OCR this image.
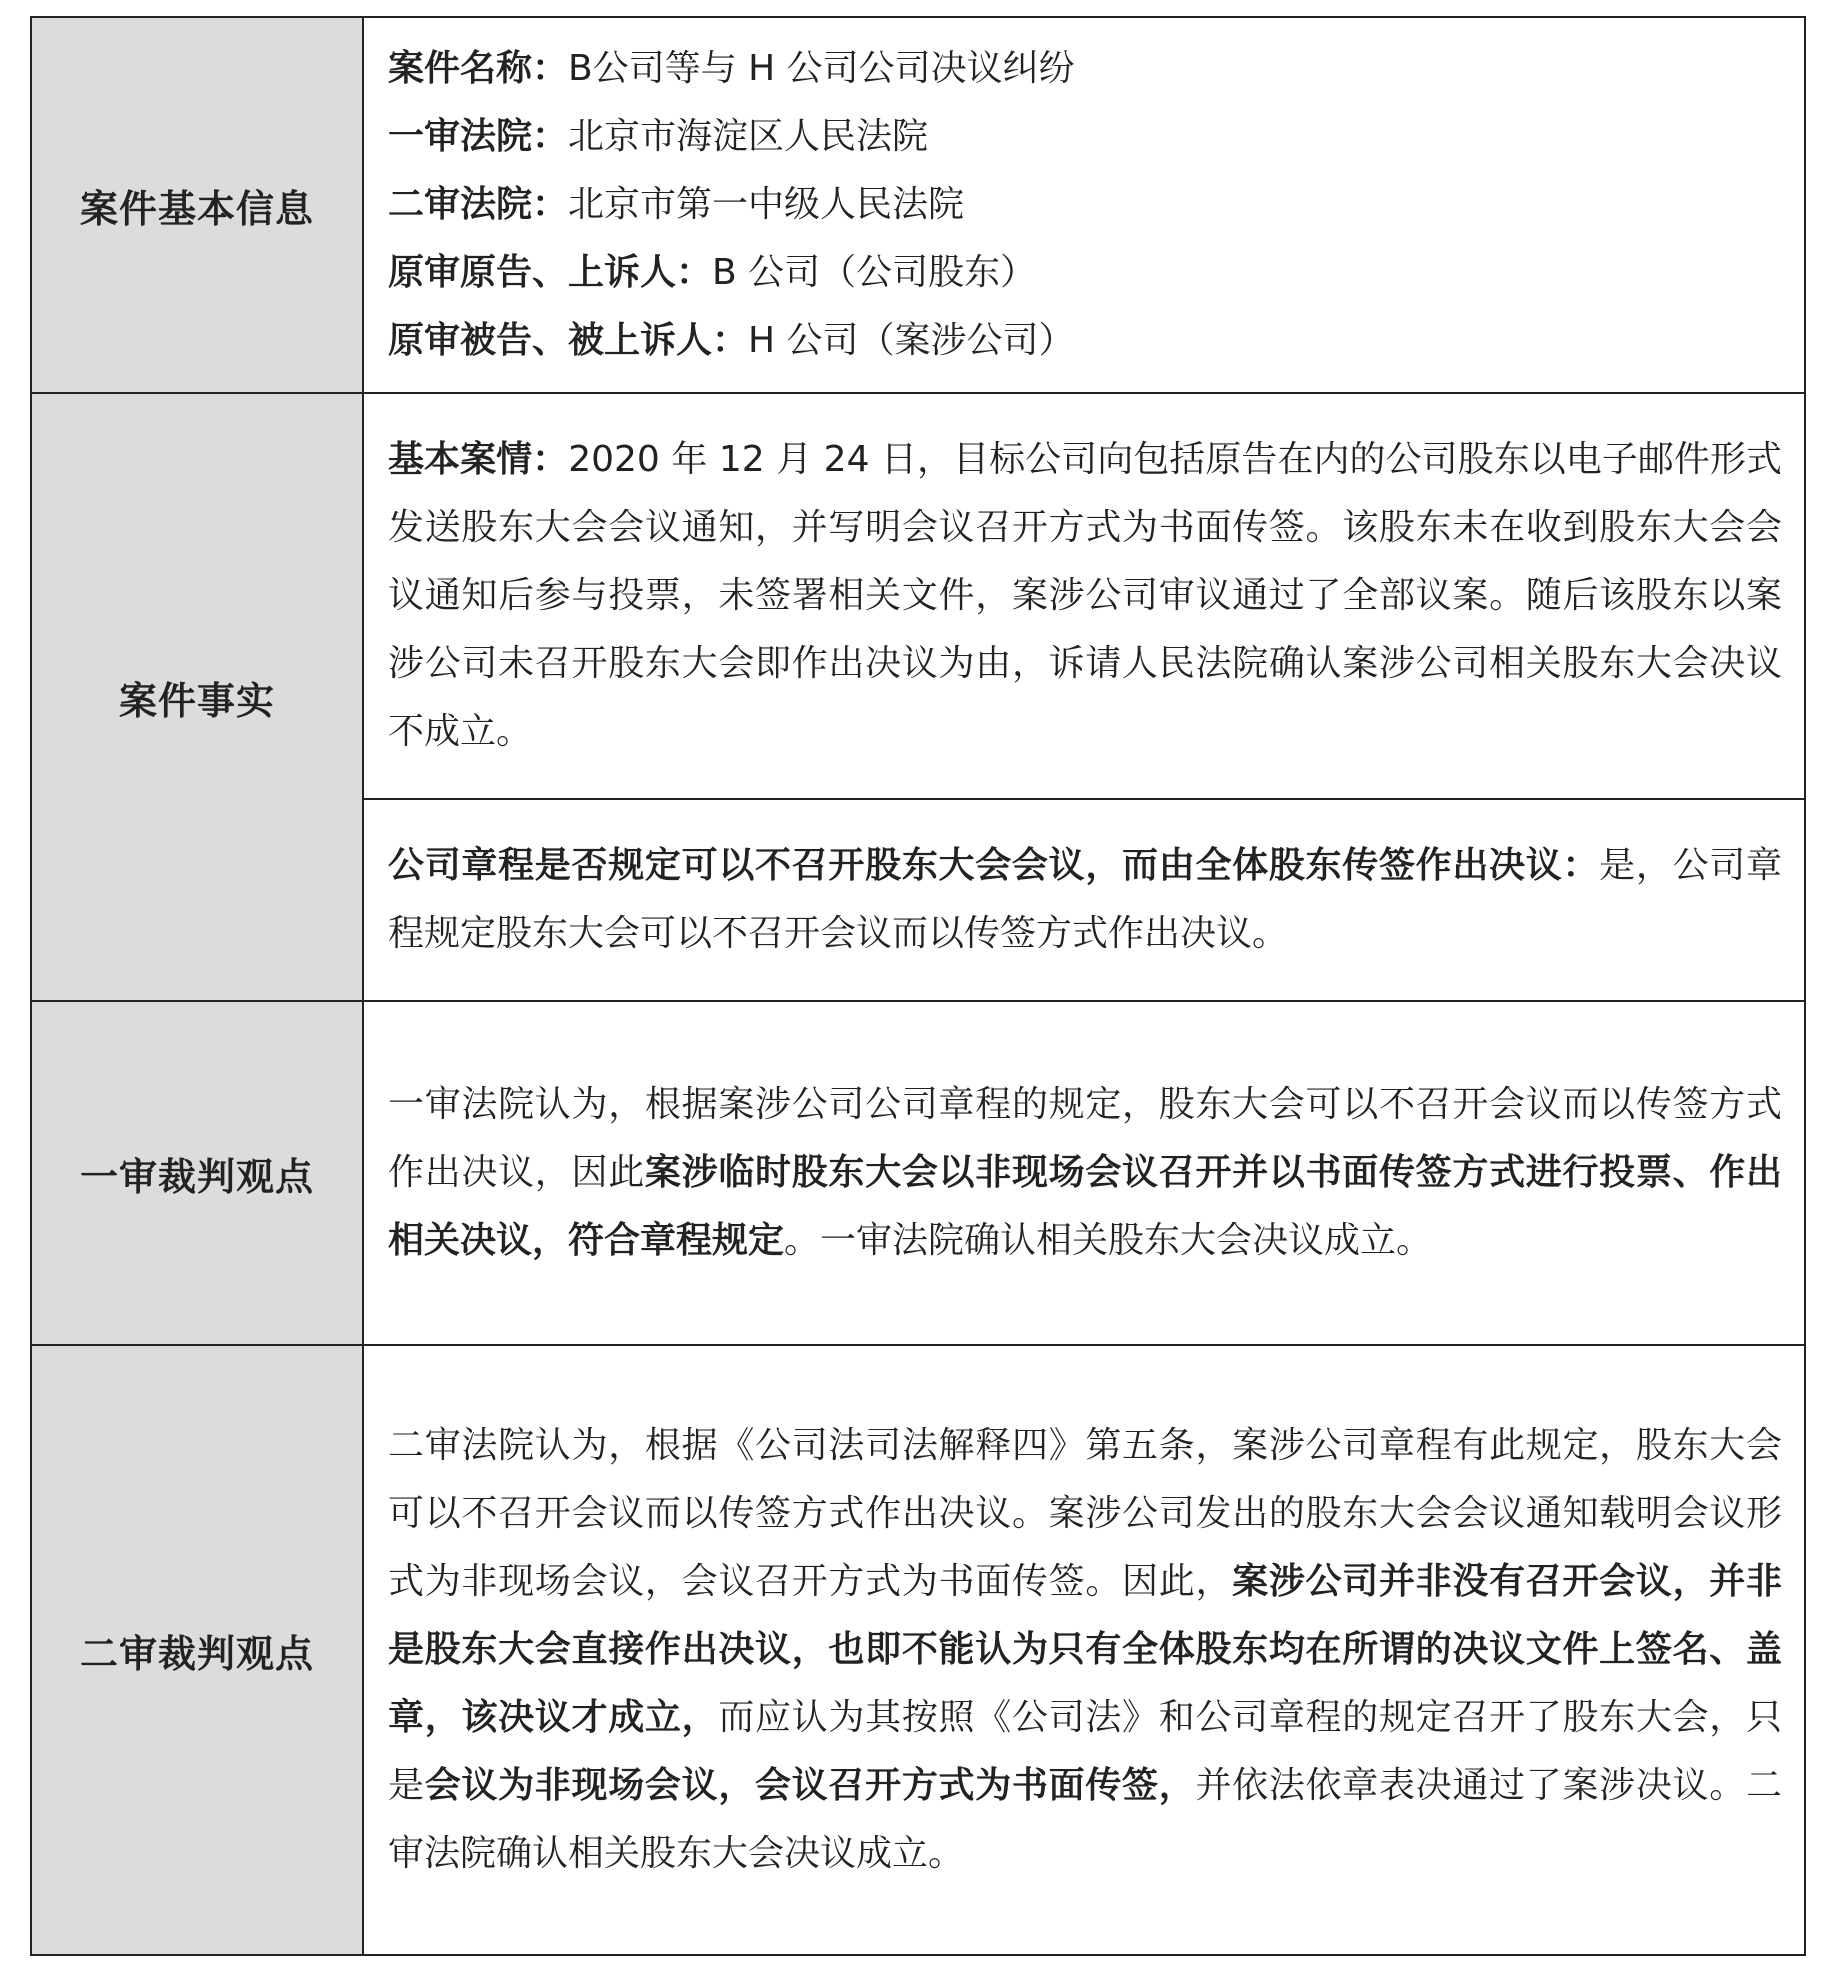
案件基本信息	案件名称：B公司等与 H 公司公司决议纠纷
一审法院：北京市海淀区人民法院
二审法院：北京市第一中级人民法院
原审原告、上诉人：B 公司（公司股东）
原审被告、被上诉人：H 公司（案涉公司）

案件事实	基本案情：2020 年 12 月 24 日，目标公司向包括原告在内的公司股东以电子邮件形式发送股东大会会议通知，并写明会议召开方式为书面传签。该股东未在收到股东大会会议通知后参与投票，未签署相关文件，案涉公司审议通过了全部议案。随后该股东以案涉公司未召开股东大会即作出决议为由，诉请人民法院确认案涉公司相关股东大会决议不成立。
	公司章程是否规定可以不召开股东大会会议，而由全体股东传签作出决议：是，公司章程规定股东大会可以不召开会议而以传签方式作出决议。
一审裁判观点	一审法院认为，根据案涉公司公司章程的规定，股东大会可以不召开会议而以传签方式作出决议，因此案涉临时股东大会以非现场会议召开并以书面传签方式进行投票、作出相关决议，符合章程规定。一审法院确认相关股东大会决议成立。
二审裁判观点	二审法院认为，根据《公司法司法解释四》第五条，案涉公司章程有此规定，股东大会可以不召开会议而以传签方式作出决议。案涉公司发出的股东大会会议通知载明会议形式为非现场会议，会议召开方式为书面传签。因此，案涉公司并非没有召开会议，并非是股东大会直接作出决议，也即不能认为只有全体股东均在所谓的决议文件上签名、盖章，该决议才成立，而应认为其按照《公司法》和公司章程的规定召开了股东大会，只是会议为非现场会议，会议召开方式为书面传签，并依法依章表决通过了案涉决议。二审法院确认相关股东大会决议成立。
